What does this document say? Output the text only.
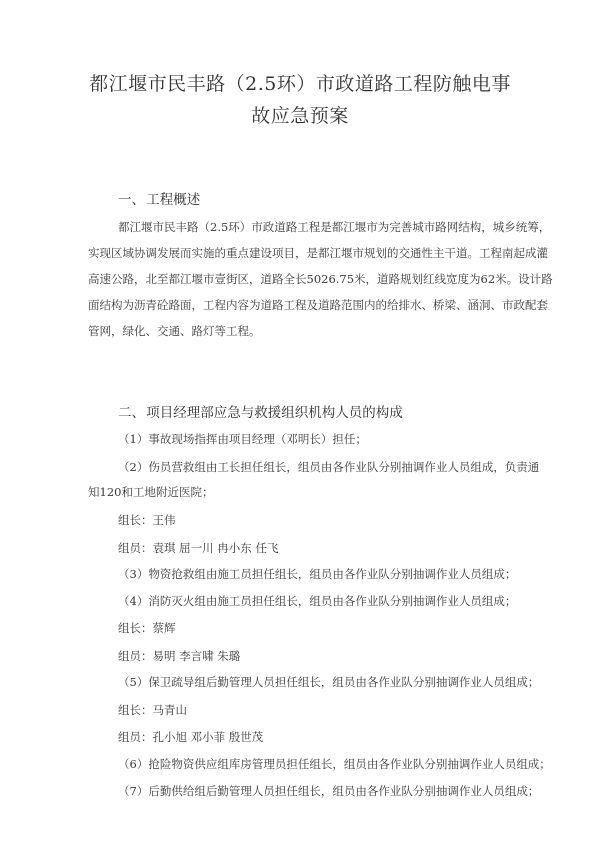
都江堰市民丰路（2.5环）市政道路工程防触电事
故应急预案
一、 工程概述
都江堰市民丰路（2.5环）市政道路工程是都江堰市为完善城市路网结构，城乡统筹，
实现区域协调发展而实施的重点建设项目，是都江堰市规划的交通性主干道。工程南起成灌
高速公路，北至都江堰市壹街区，道路全长5026.75米，道路规划红线宽度为62米。设计路
面结构为沥青砼路面，工程内容为道路工程及道路范围内的给排水、桥梁、涵洞、市政配套
管网，绿化、交通、路灯等工程。
二、 项目经理部应急与救援组织机构人员的构成
（1）事故现场指挥由项目经理（邓明长）担任；
（2）伤员营救组由工长担任组长，组员由各作业队分别抽调作业人员组成，负责通
知120和工地附近医院；
组长：王伟
组员：袁琪 屈一川 冉小东 任飞
（3）物资抢救组由施工员担任组长，组员由各作业队分别抽调作业人员组成；
（4）消防灭火组由施工员担任组长，组员由各作业队分别抽调作业人员组成；
组长：蔡辉
组员：易明 李言啸 朱璐
（5）保卫疏导组后勤管理人员担任组长，组员由各作业队分别抽调作业人员组成；
组长：马青山
组员：孔小旭 邓小菲 殷世茂
（6）抢险物资供应组库房管理员担任组长，组员由各作业队分别抽调作业人员组成；
（7）后勤供给组后勤管理人员担任组长，组员由各作业队分别抽调作业人员组成；
